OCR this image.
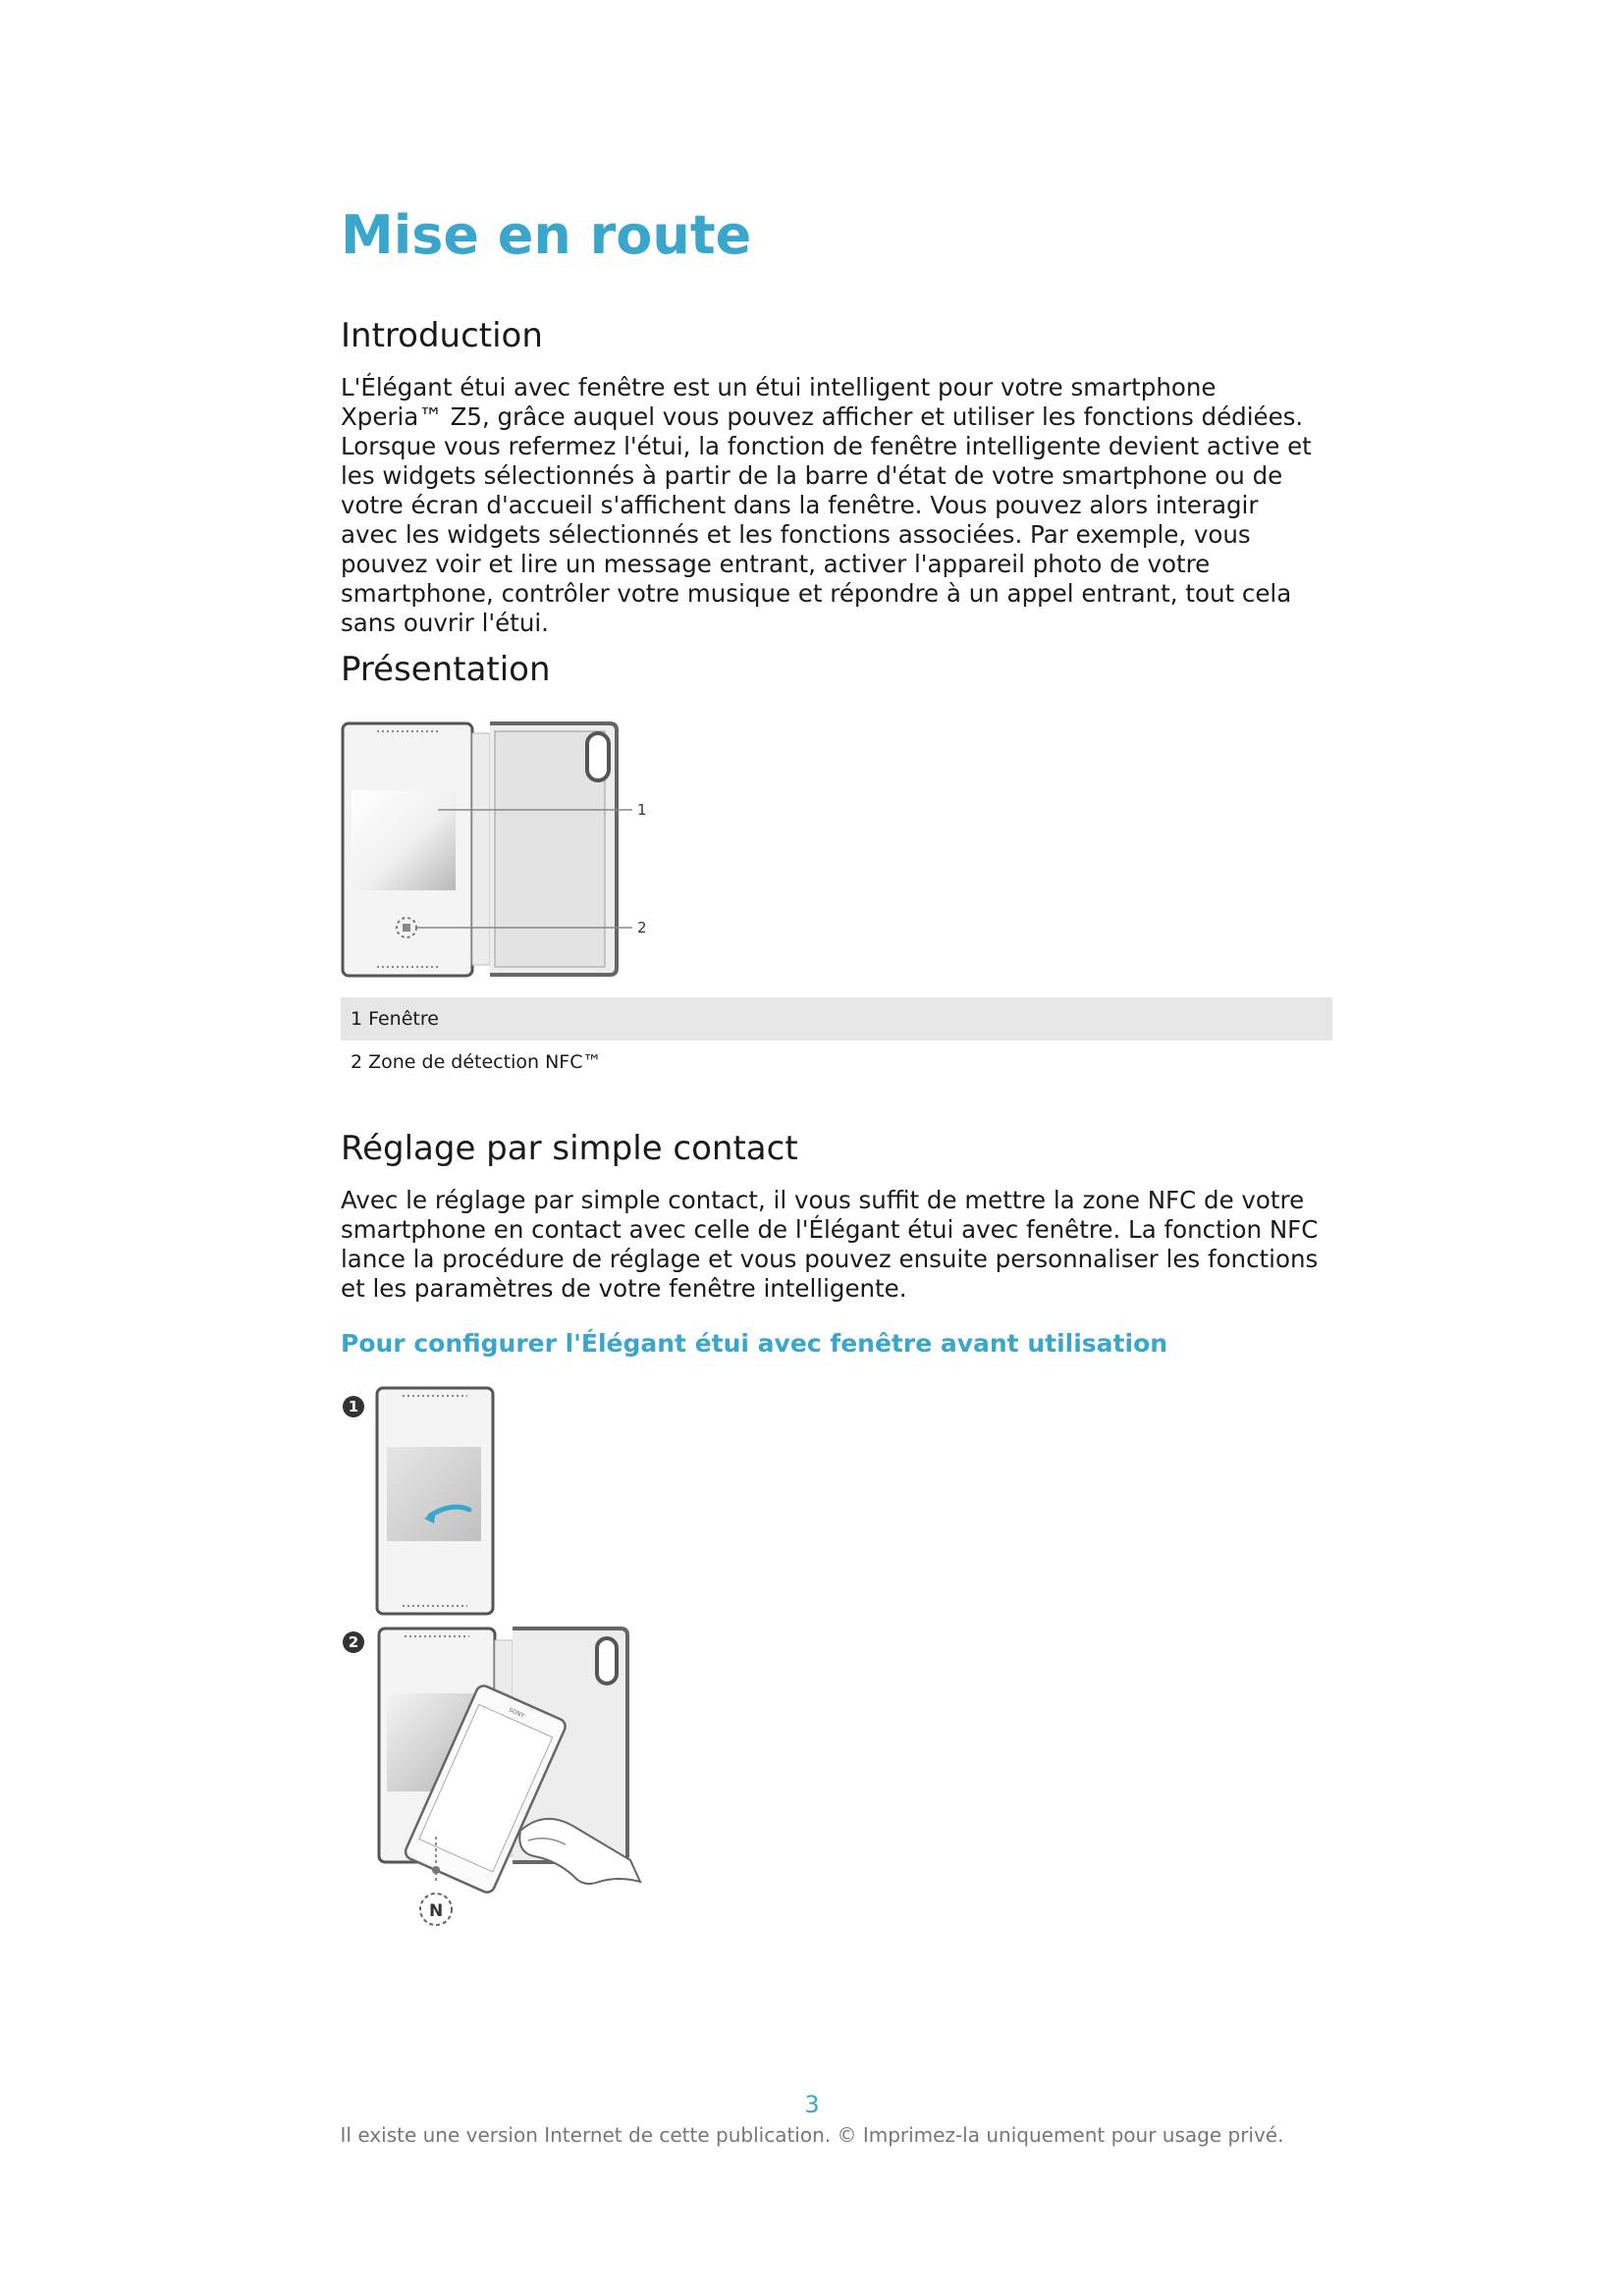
Mise en route
Introduction

L'Élégant étui avec fenêtre est un étui intelligent pour votre smartphone Xperia™ Z5, grâce auquel vous pouvez afficher et utiliser les fonctions dédiées. Lorsque vous refermez l'étui, la fonction de fenêtre intelligente devient active et les widgets sélectionnés à partir de la barre d'état de votre smartphone ou de votre écran d'accueil s'affichent dans la fenêtre. Vous pouvez alors interagir avec les widgets sélectionnés et les fonctions associées. Par exemple, vous pouvez voir et lire un message entrant, activer l'appareil photo de votre smartphone, contrôler votre musique et répondre à un appel entrant, tout cela sans ouvrir l'étui.

Présentation
1
2
1 Fenêtre
2 Zone de détection NFC™
Réglage par simple contact

Avec le réglage par simple contact, il vous suffit de mettre la zone NFC de votre smartphone en contact avec celle de l'Élégant étui avec fenêtre. La fonction NFC lance la procédure de réglage et vous pouvez ensuite personnaliser les fonctions et les paramètres de votre fenêtre intelligente.

Pour configurer l'Élégant étui avec fenêtre avant utilisation
1
2
SONY
N
3
Il existe une version Internet de cette publication. © Imprimez-la uniquement pour usage privé.
